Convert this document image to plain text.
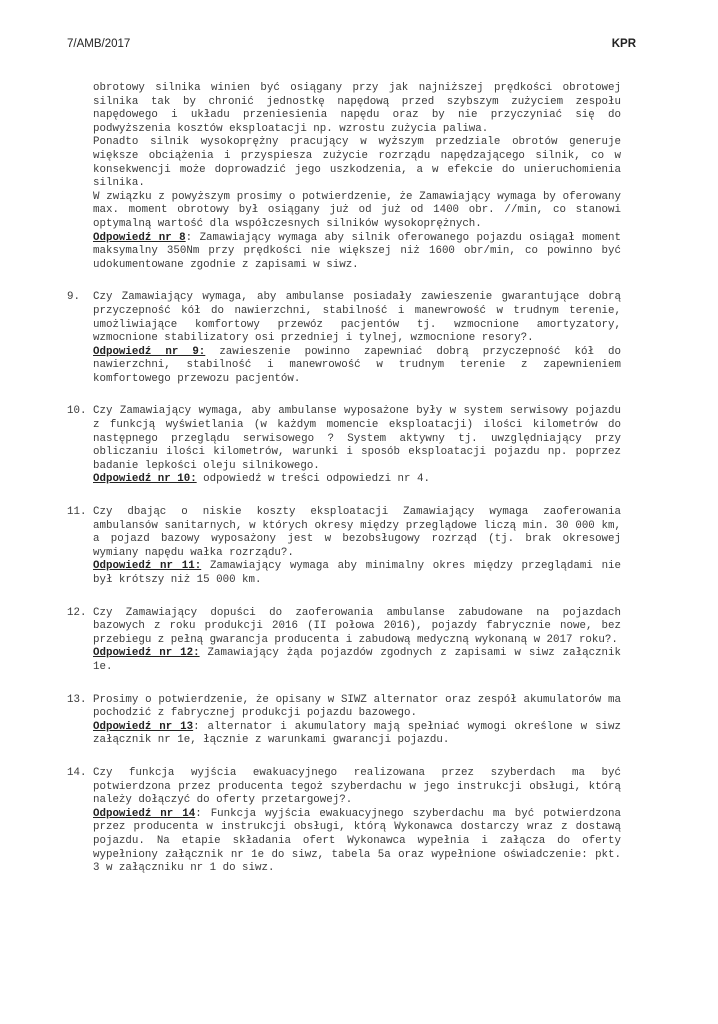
7/AMB/2017	KPR

obrotowy silnika winien być osiągany przy jak najniższej prędkości obrotowej silnika tak by chronić jednostkę napędową przed szybszym zużyciem zespołu napędowego i układu przeniesienia napędu oraz by nie przyczyniać się do podwyższenia kosztów eksploatacji np. wzrostu zużycia paliwa.

Ponadto silnik wysokoprężny pracujący w wyższym przedziale obrotów generuje większe obciążenia i przyspiesza zużycie rozrządu napędzającego silnik, co w konsekwencji może doprowadzić jego uszkodzenia, a w efekcie do unieruchomienia silnika.

W związku z powyższym prosimy o potwierdzenie, że Zamawiający wymaga by oferowany max. moment obrotowy był osiągany już od już od 1400 obr. //min, co stanowi optymalną wartość dla współczesnych silników wysokoprężnych.

Odpowiedź nr 8: Zamawiający wymaga aby silnik oferowanego pojazdu osiągał moment maksymalny 350Nm przy prędkości nie większej niż 1600 obr/min, co powinno być udokumentowane zgodnie z zapisami w siwz.

9. Czy Zamawiający wymaga, aby ambulanse posiadały zawieszenie gwarantujące dobrą przyczepność kół do nawierzchni, stabilność i manewrowość w trudnym terenie, umożliwiające komfortowy przewóz pacjentów tj. wzmocnione amortyzatory, wzmocnione stabilizatory osi przedniej i tylnej, wzmocnione resory?.

Odpowiedź nr 9: zawieszenie powinno zapewniać dobrą przyczepność kół do nawierzchni, stabilność i manewrowość w trudnym terenie z zapewnieniem komfortowego przewozu pacjentów.

10. Czy Zamawiający wymaga, aby ambulanse wyposażone były w system serwisowy pojazdu z funkcją wyświetlania (w każdym momencie eksploatacji) ilości kilometrów do następnego przeglądu serwisowego ? System aktywny tj. uwzględniający przy obliczaniu ilości kilometrów, warunki i sposób eksploatacji pojazdu np. poprzez badanie lepkości oleju silnikowego.

Odpowiedź nr 10: odpowiedź w treści odpowiedzi nr 4.

11. Czy dbając o niskie koszty eksploatacji Zamawiający wymaga zaoferowania ambulansów sanitarnych, w których okresy między przeglądowe liczą min. 30 000 km, a pojazd bazowy wyposażony jest w bezobsługowy rozrząd (tj. brak okresowej wymiany napędu wałka rozrządu?.

Odpowiedź nr 11: Zamawiający wymaga aby minimalny okres między przeglądami nie był krótszy niż 15 000 km.

12. Czy Zamawiający dopuści do zaoferowania ambulanse zabudowane na pojazdach bazowych z roku produkcji 2016 (II połowa 2016), pojazdy fabrycznie nowe, bez przebiegu z pełną gwarancja producenta i zabudową medyczną wykonaną w 2017 roku?.

Odpowiedź nr 12: Zamawiający żąda pojazdów zgodnych z zapisami w siwz załącznik 1e.

13. Prosimy o potwierdzenie, że opisany w SIWZ alternator oraz zespół akumulatorów ma pochodzić z fabrycznej produkcji pojazdu bazowego.

Odpowiedź nr 13: alternator i akumulatory mają spełniać wymogi określone w siwz załącznik nr 1e, łącznie z warunkami gwarancji pojazdu.

14. Czy funkcja wyjścia ewakuacyjnego realizowana przez szyberdach ma być potwierdzona przez producenta tegoż szyberdachu w jego instrukcji obsługi, którą należy dołączyć do oferty przetargowej?.

Odpowiedź nr 14: Funkcja wyjścia ewakuacyjnego szyberdachu ma być potwierdzona przez producenta w instrukcji obsługi, którą Wykonawca dostarczy wraz z dostawą pojazdu. Na etapie składania ofert Wykonawca wypełnia i załącza do oferty wypełniony załącznik nr 1e do siwz, tabela 5a oraz wypełnione oświadczenie: pkt. 3 w załączniku nr 1 do siwz.
